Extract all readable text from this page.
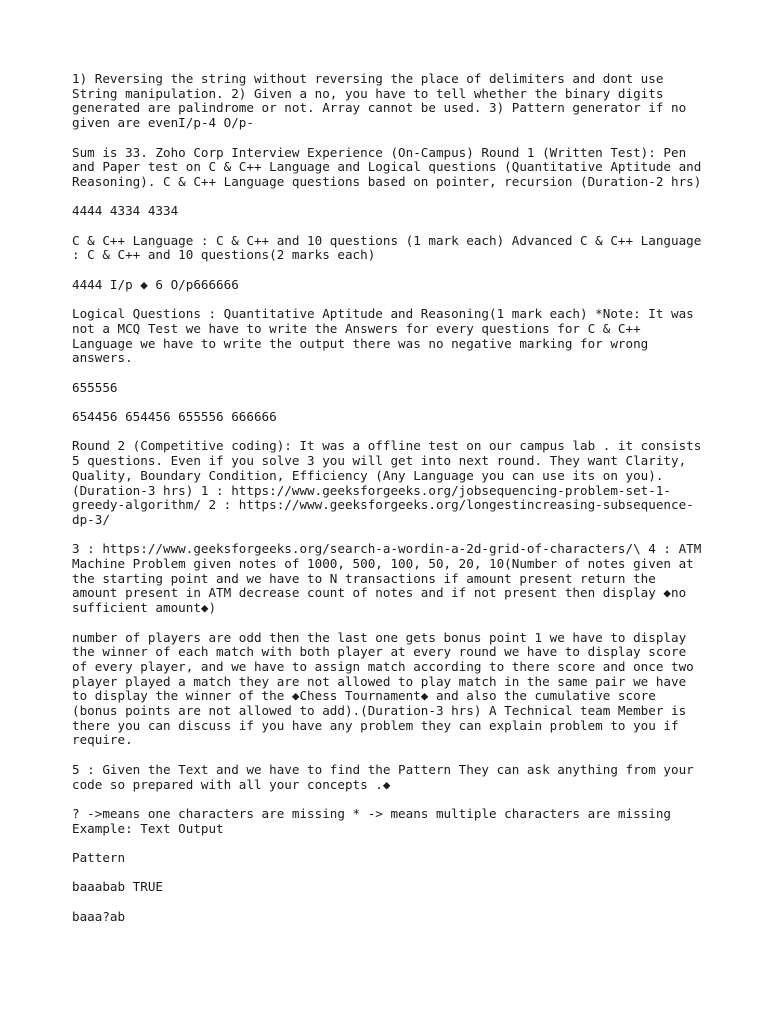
1) Reversing the string without reversing the place of delimiters and dont use String manipulation. 2) Given a no, you have to tell whether the binary digits generated are palindrome or not. Array cannot be used. 3) Pattern generator if no given are evenI/p-4 O/p-

Sum is 33. Zoho Corp Interview Experience (On-Campus) Round 1 (Written Test): Pen and Paper test on C & C++ Language and Logical questions (Quantitative Aptitude and Reasoning). C & C++ Language questions based on pointer, recursion (Duration-2 hrs)

4444 4334 4334

C & C++ Language : C & C++ and 10 questions (1 mark each) Advanced C & C++ Language : C & C++ and 10 questions(2 marks each)

4444 I/p ◆ 6 O/p666666

Logical Questions : Quantitative Aptitude and Reasoning(1 mark each) *Note: It was not a MCQ Test we have to write the Answers for every questions for C & C++ Language we have to write the output there was no negative marking for wrong answers.

655556

654456 654456 655556 666666

Round 2 (Competitive coding): It was a offline test on our campus lab . it consists 5 questions. Even if you solve 3 you will get into next round. They want Clarity, Quality, Boundary Condition, Efficiency (Any Language you can use its on you). (Duration-3 hrs) 1 : https://www.geeksforgeeks.org/jobsequencing-problem-set-1-greedy-algorithm/ 2 : https://www.geeksforgeeks.org/longestincreasing-subsequence-dp-3/

3 : https://www.geeksforgeeks.org/search-a-wordin-a-2d-grid-of-characters/\ 4 : ATM Machine Problem given notes of 1000, 500, 100, 50, 20, 10(Number of notes given at the starting point and we have to N transactions if amount present return the amount present in ATM decrease count of notes and if not present then display ◆no sufficient amount◆)

number of players are odd then the last one gets bonus point 1 we have to display the winner of each match with both player at every round we have to display score of every player, and we have to assign match according to there score and once two player played a match they are not allowed to play match in the same pair we have to display the winner of the ◆Chess Tournament◆ and also the cumulative score (bonus points are not allowed to add).(Duration-3 hrs) A Technical team Member is there you can discuss if you have any problem they can explain problem to you if require.

5 : Given the Text and we have to find the Pattern They can ask anything from your code so prepared with all your concepts .◆

? ->means one characters are missing * -> means multiple characters are missing Example: Text Output

Pattern

baaabab TRUE

baaa?ab
